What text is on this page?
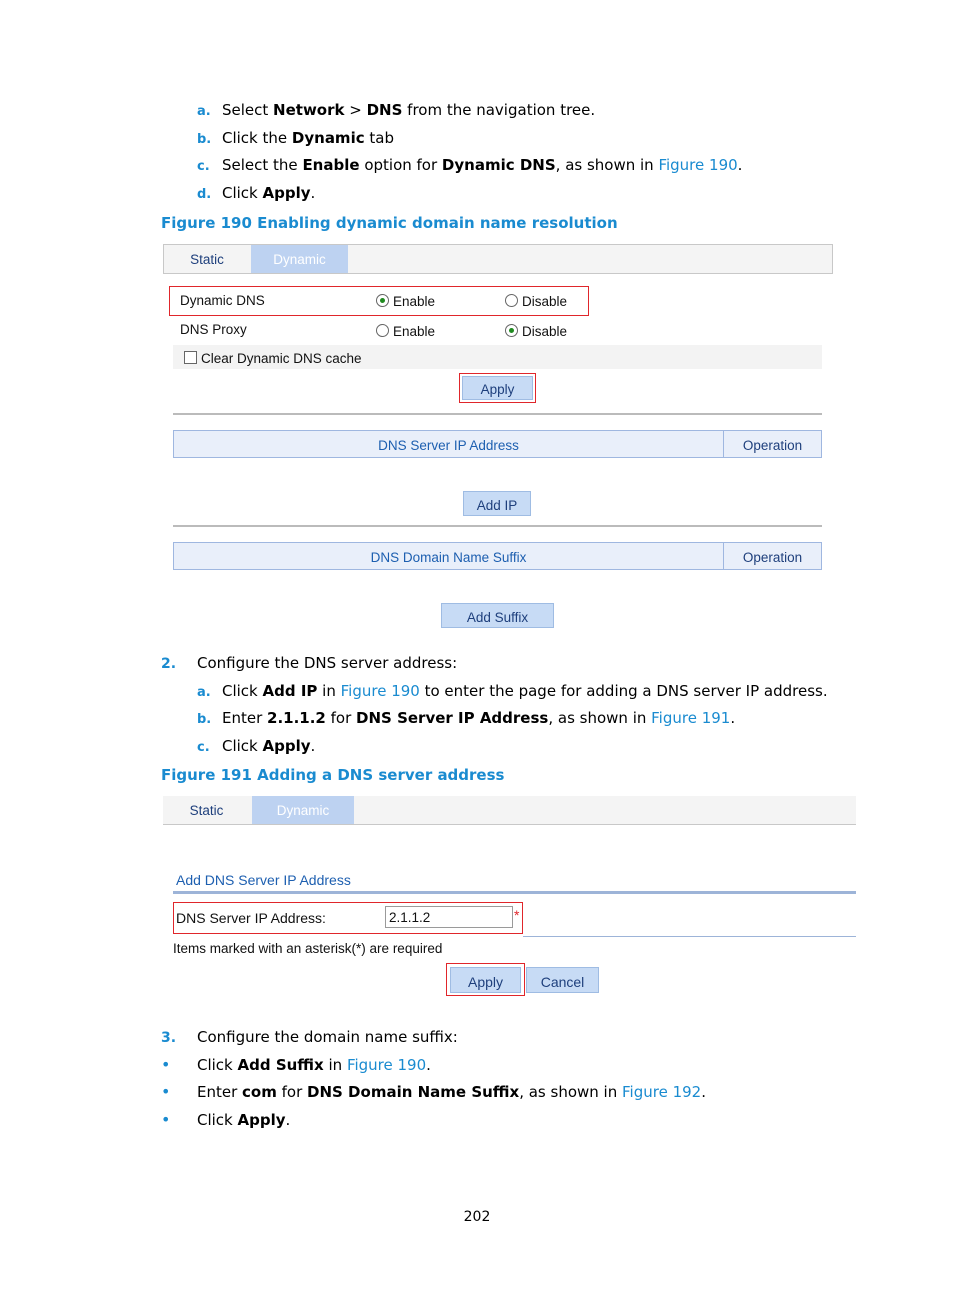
a. Select Network > DNS from the navigation tree.
b. Click the Dynamic tab
c. Select the Enable option for Dynamic DNS, as shown in Figure 190.
d. Click Apply.
Figure 190 Enabling dynamic domain name resolution
Static	Dynamic
Dynamic DNS	Enable	Disable
DNS Proxy	Enable	Disable
Clear Dynamic DNS cache
Apply
DNS Server IP Address	Operation
Add IP
DNS Domain Name Suffix	Operation
Add Suffix
2. Configure the DNS server address:
a. Click Add IP in Figure 190 to enter the page for adding a DNS server IP address.
b. Enter 2.1.1.2 for DNS Server IP Address, as shown in Figure 191.
c. Click Apply.
Figure 191 Adding a DNS server address
Static	Dynamic
Add DNS Server IP Address
DNS Server IP Address:	2.1.1.2	*
Items marked with an asterisk(*) are required
Apply	Cancel
3. Configure the domain name suffix:
• Click Add Suffix in Figure 190.
• Enter com for DNS Domain Name Suffix, as shown in Figure 192.
• Click Apply.
202
